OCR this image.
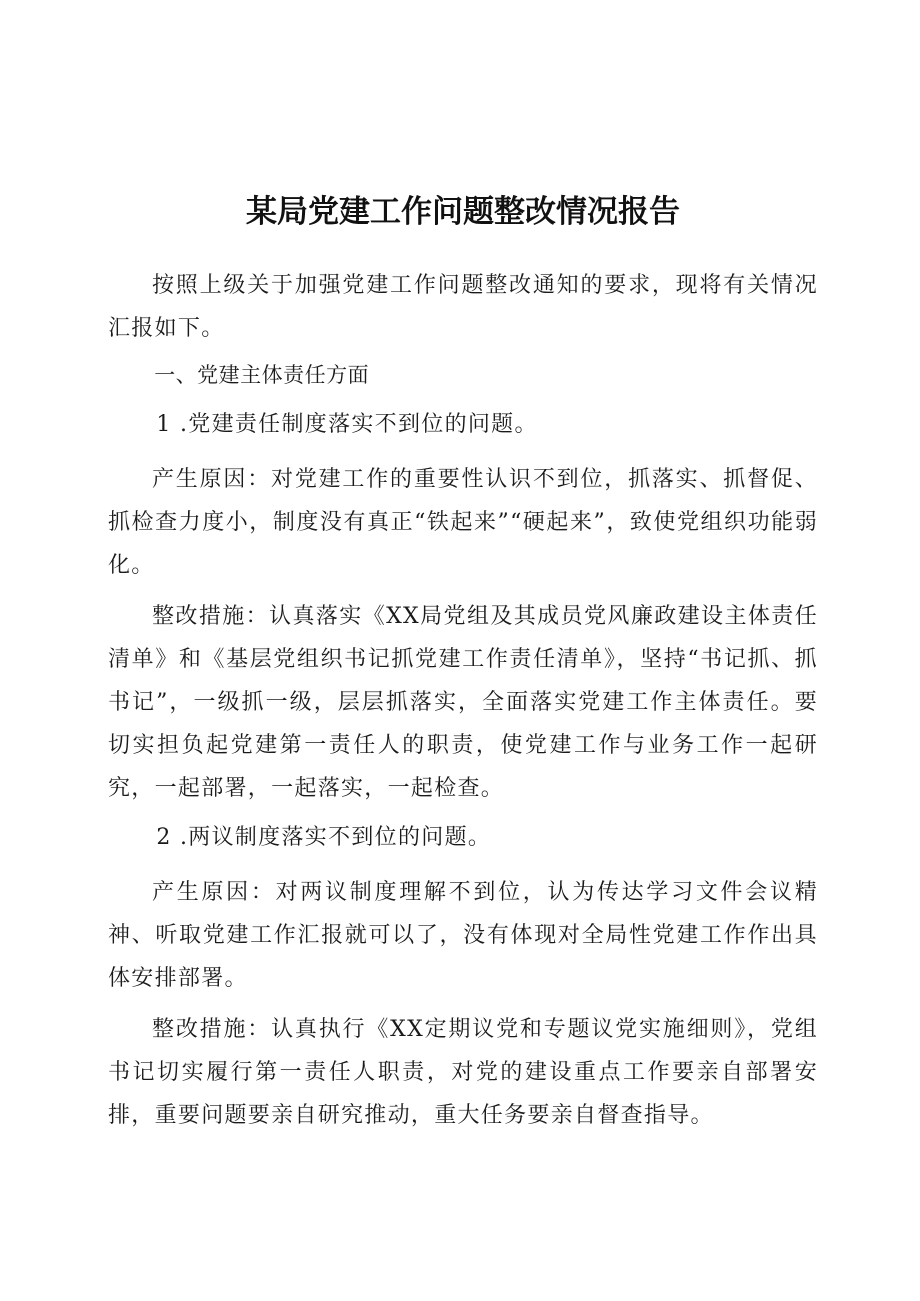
某局党建工作问题整改情况报告

按照上级关于加强党建工作问题整改通知的要求，现将有关情况汇报如下。

一、党建主体责任方面

1 .党建责任制度落实不到位的问题。

产生原因：对党建工作的重要性认识不到位，抓落实、抓督促、抓检查力度小，制度没有真正“铁起来”“硬起来”，致使党组织功能弱化。

整改措施：认真落实《XX局党组及其成员党风廉政建设主体责任清单》和《基层党组织书记抓党建工作责任清单》，坚持“书记抓、抓书记”，一级抓一级，层层抓落实，全面落实党建工作主体责任。要切实担负起党建第一责任人的职责，使党建工作与业务工作一起研究，一起部署，一起落实，一起检查。

2 .两议制度落实不到位的问题。

产生原因：对两议制度理解不到位，认为传达学习文件会议精神、听取党建工作汇报就可以了，没有体现对全局性党建工作作出具体安排部署。

整改措施：认真执行《XX定期议党和专题议党实施细则》，党组书记切实履行第一责任人职责，对党的建设重点工作要亲自部署安排，重要问题要亲自研究推动，重大任务要亲自督查指导。
